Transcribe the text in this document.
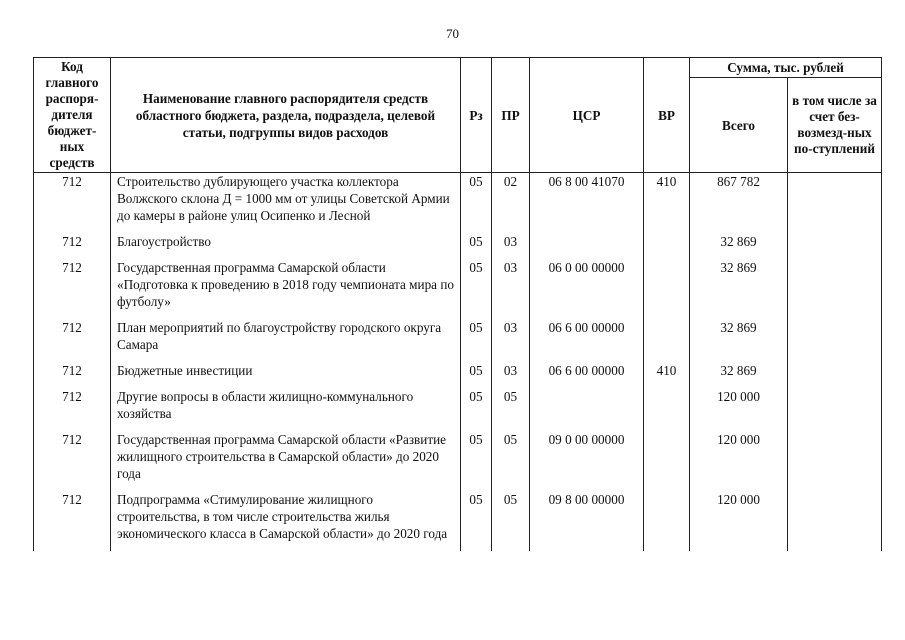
70
Код главного распоря-дителя бюджет-ных средств	Наименование главного распорядителя средств областного бюджета, раздела, подраздела, целевой статьи, подгруппы видов расходов	Рз	ПР	ЦСР	ВР	Сумма, тыс. рублей	
						Всего	в том числе за счет без-возмезд-ных по-ступлений
712	Строительство дублирующего участка коллектора Волжского склона Д = 1000 мм от улицы Советской Армии до камеры в районе улиц Осипенко и Лесной	05	02	06 8 00 41070	410	867 782	
712	Благоустройство	05	03			32 869	
712	Государственная программа Самарской области «Подготовка к проведению в 2018 году чемпионата мира по футболу»	05	03	06 0 00 00000		32 869	
712	План мероприятий по благоустройству городского округа Самара	05	03	06 6 00 00000		32 869	
712	Бюджетные инвестиции	05	03	06 6 00 00000	410	32 869	
712	Другие вопросы в области жилищно-коммунального хозяйства	05	05			120 000	
712	Государственная программа Самарской области «Развитие жилищного строительства в Самарской области» до 2020 года	05	05	09 0 00 00000		120 000	
712	Подпрограмма «Стимулирование жилищного строительства, в том числе строительства жилья экономического класса в Самарской области» до 2020 года	05	05	09 8 00 00000		120 000	
